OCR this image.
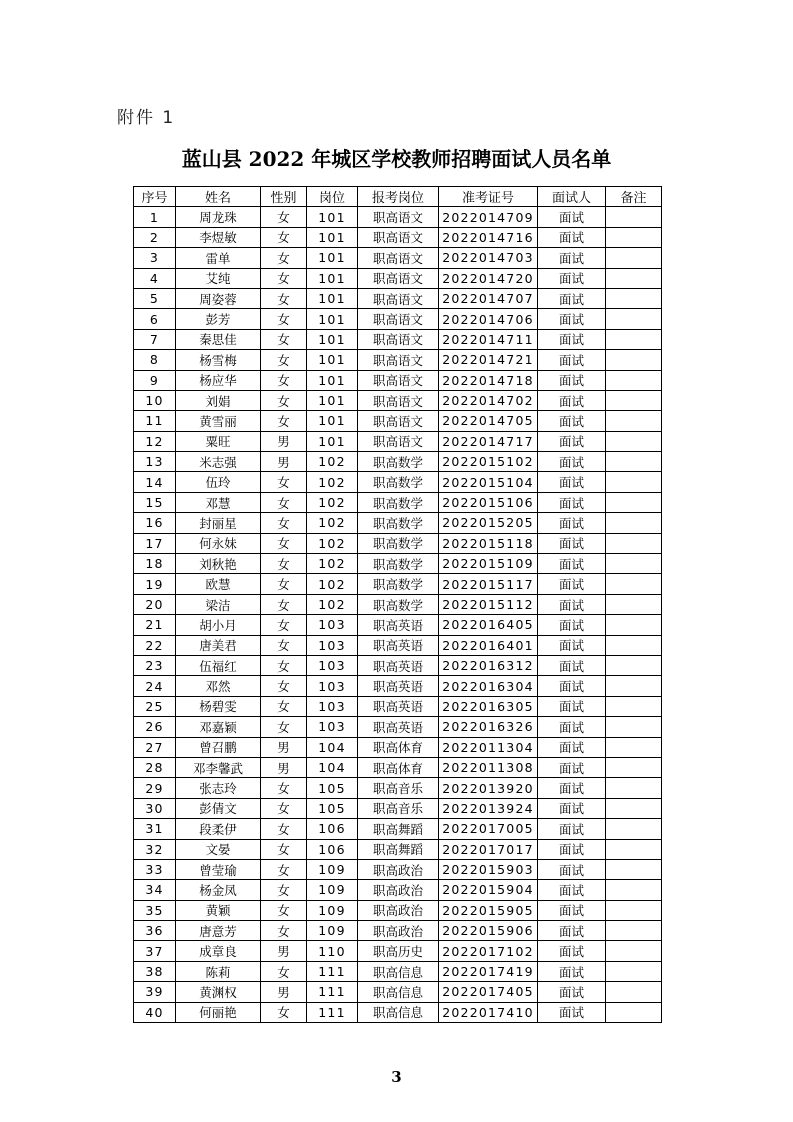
附件 1
蓝山县 2022 年城区学校教师招聘面试人员名单
序号	姓名	性别	岗位	报考岗位	准考证号	面试人	备注
1	周龙珠	女	101	职高语文	2022014709	面试	
2	李煜敏	女	101	职高语文	2022014716	面试	
3	雷单	女	101	职高语文	2022014703	面试	
4	艾纯	女	101	职高语文	2022014720	面试	
5	周姿蓉	女	101	职高语文	2022014707	面试	
6	彭芳	女	101	职高语文	2022014706	面试	
7	秦思佳	女	101	职高语文	2022014711	面试	
8	杨雪梅	女	101	职高语文	2022014721	面试	
9	杨应华	女	101	职高语文	2022014718	面试	
10	刘娟	女	101	职高语文	2022014702	面试	
11	黄雪丽	女	101	职高语文	2022014705	面试	
12	粟旺	男	101	职高语文	2022014717	面试	
13	米志强	男	102	职高数学	2022015102	面试	
14	伍玲	女	102	职高数学	2022015104	面试	
15	邓慧	女	102	职高数学	2022015106	面试	
16	封丽星	女	102	职高数学	2022015205	面试	
17	何永妹	女	102	职高数学	2022015118	面试	
18	刘秋艳	女	102	职高数学	2022015109	面试	
19	欧慧	女	102	职高数学	2022015117	面试	
20	梁洁	女	102	职高数学	2022015112	面试	
21	胡小月	女	103	职高英语	2022016405	面试	
22	唐美君	女	103	职高英语	2022016401	面试	
23	伍福红	女	103	职高英语	2022016312	面试	
24	邓然	女	103	职高英语	2022016304	面试	
25	杨碧雯	女	103	职高英语	2022016305	面试	
26	邓嘉颖	女	103	职高英语	2022016326	面试	
27	曾召鹏	男	104	职高体育	2022011304	面试	
28	邓李馨武	男	104	职高体育	2022011308	面试	
29	张志玲	女	105	职高音乐	2022013920	面试	
30	彭倩文	女	105	职高音乐	2022013924	面试	
31	段柔伊	女	106	职高舞蹈	2022017005	面试	
32	文晏	女	106	职高舞蹈	2022017017	面试	
33	曾莹瑜	女	109	职高政治	2022015903	面试	
34	杨金凤	女	109	职高政治	2022015904	面试	
35	黄颖	女	109	职高政治	2022015905	面试	
36	唐意芳	女	109	职高政治	2022015906	面试	
37	成章良	男	110	职高历史	2022017102	面试	
38	陈莉	女	111	职高信息	2022017419	面试	
39	黄渊权	男	111	职高信息	2022017405	面试	
40	何丽艳	女	111	职高信息	2022017410	面试	
3
